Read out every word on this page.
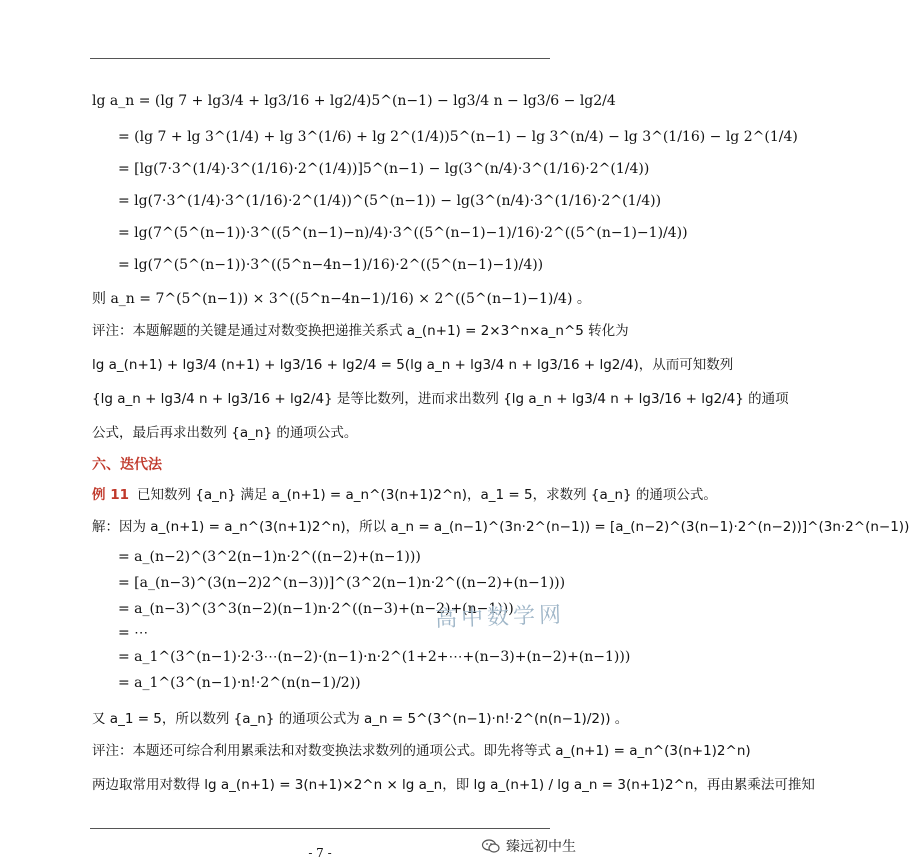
lg a_n = (lg 7 + lg3/4 + lg3/16 + lg2/4)5^(n−1) − lg3/4 n − lg3/6 − lg2/4
= (lg 7 + lg 3^(1/4) + lg 3^(1/6) + lg 2^(1/4))5^(n−1) − lg 3^(n/4) − lg 3^(1/16) − lg 2^(1/4)
= [lg(7·3^(1/4)·3^(1/16)·2^(1/4))]5^(n−1) − lg(3^(n/4)·3^(1/16)·2^(1/4))
= lg(7·3^(1/4)·3^(1/16)·2^(1/4))^(5^(n−1)) − lg(3^(n/4)·3^(1/16)·2^(1/4))
= lg(7^(5^(n−1))·3^((5^(n−1)−n)/4)·3^((5^(n−1)−1)/16)·2^((5^(n−1)−1)/4))
= lg(7^(5^(n−1))·3^((5^n−4n−1)/16)·2^((5^(n−1)−1)/4))
则 a_n = 7^(5^(n−1)) × 3^((5^n−4n−1)/16) × 2^((5^(n−1)−1)/4) 。
评注：本题解题的关键是通过对数变换把递推关系式 a_(n+1) = 2×3^n×a_n^5 转化为
lg a_(n+1) + lg3/4 (n+1) + lg3/16 + lg2/4 = 5(lg a_n + lg3/4 n + lg3/16 + lg2/4)，从而可知数列
{lg a_n + lg3/4 n + lg3/16 + lg2/4} 是等比数列，进而求出数列 {lg a_n + lg3/4 n + lg3/16 + lg2/4} 的通项
公式，最后再求出数列 {a_n} 的通项公式。
六、迭代法
例 11 已知数列 {a_n} 满足 a_(n+1) = a_n^(3(n+1)2^n)，a_1 = 5，求数列 {a_n} 的通项公式。
解：因为 a_(n+1) = a_n^(3(n+1)2^n)，所以 a_n = a_(n−1)^(3n·2^(n−1)) = [a_(n−2)^(3(n−1)·2^(n−2))]^(3n·2^(n−1))
= a_(n−2)^(3^2(n−1)n·2^((n−2)+(n−1)))
= [a_(n−3)^(3(n−2)2^(n−3))]^(3^2(n−1)n·2^((n−2)+(n−1)))
= a_(n−3)^(3^3(n−2)(n−1)n·2^((n−3)+(n−2)+(n−1)))
= ⋯
= a_1^(3^(n−1)·2·3⋯(n−2)·(n−1)·n·2^(1+2+⋯+(n−3)+(n−2)+(n−1)))
= a_1^(3^(n−1)·n!·2^(n(n−1)/2))
又 a_1 = 5，所以数列 {a_n} 的通项公式为 a_n = 5^(3^(n−1)·n!·2^(n(n−1)/2)) 。
评注：本题还可综合利用累乘法和对数变换法求数列的通项公式。即先将等式 a_(n+1) = a_n^(3(n+1)2^n)
两边取常用对数得 lg a_(n+1) = 3(n+1)×2^n × lg a_n，即 lg a_(n+1) / lg a_n = 3(n+1)2^n，再由累乘法可推知
高中数学网
- 7 -	臻远初中生
